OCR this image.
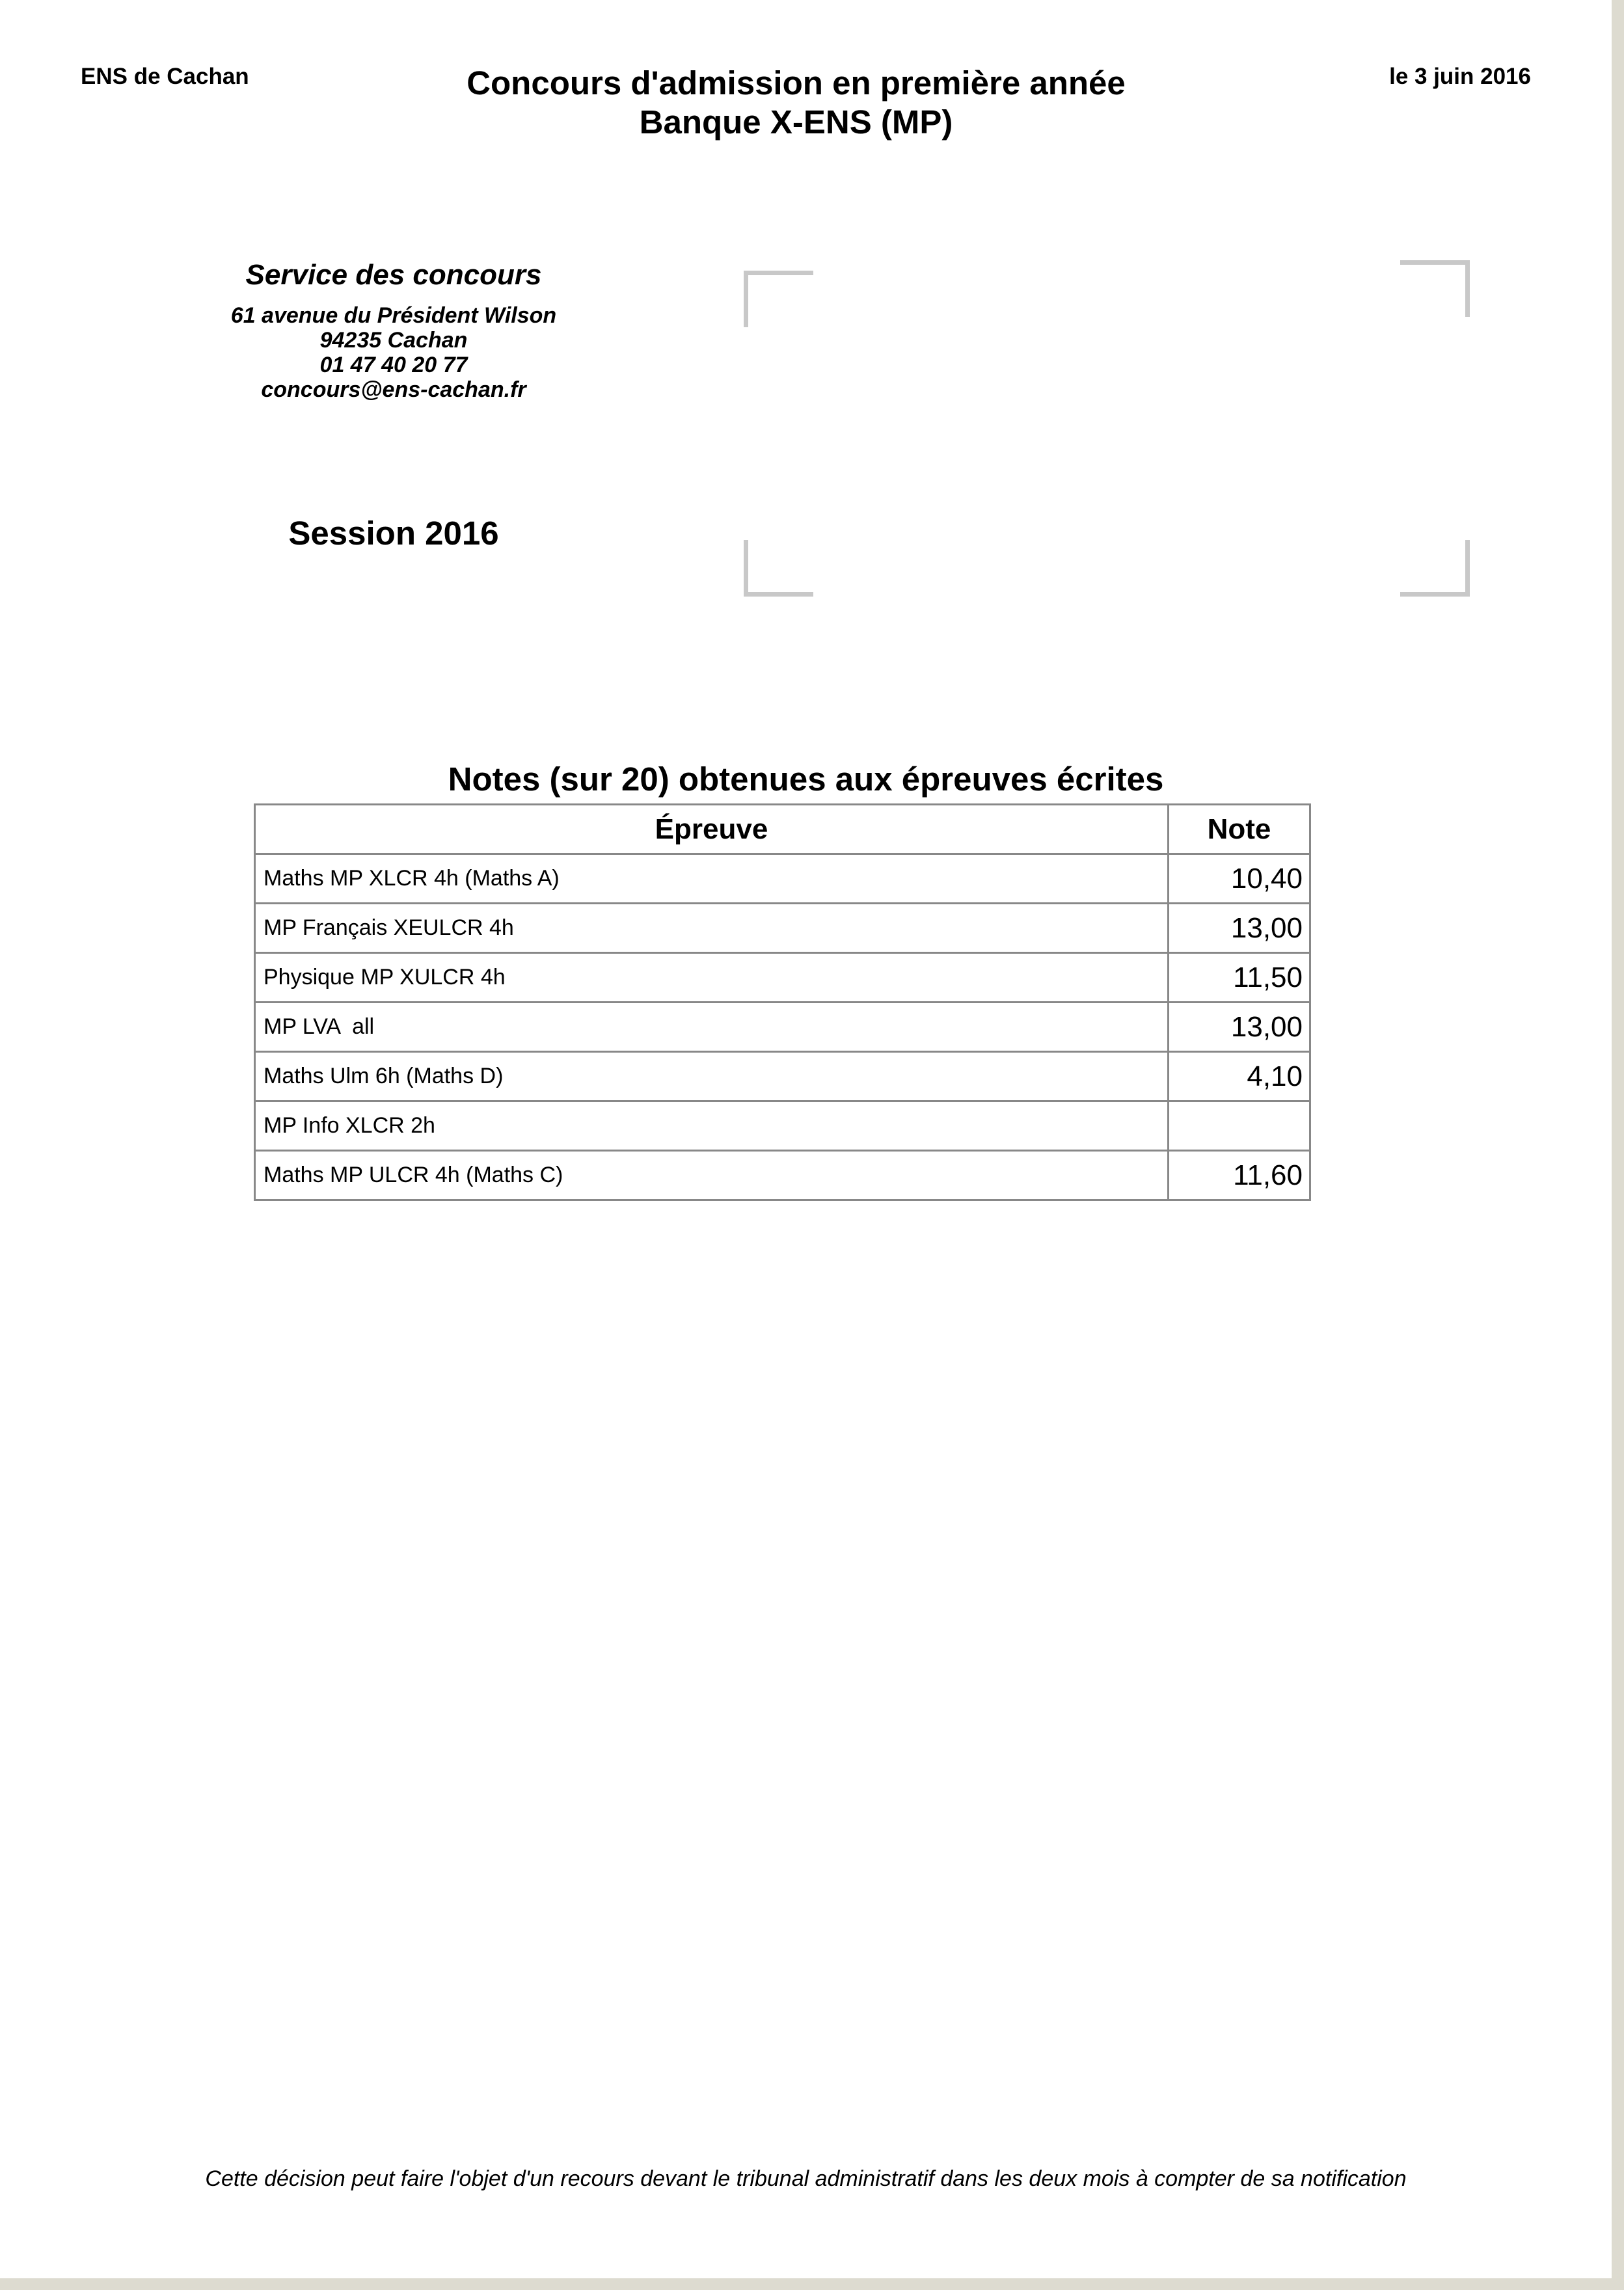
ENS de Cachan	Concours d'admission en première année
Banque X-ENS (MP)
le 3 juin 2016
Service des concours
61 avenue du Président Wilson
94235 Cachan
01 47 40 20 77
concours@ens-cachan.fr
Session 2016
Notes (sur 20) obtenues aux épreuves écrites
Épreuve	Note
Maths MP XLCR 4h (Maths A)	10,40
MP Français XEULCR 4h	13,00
Physique MP XULCR 4h	11,50
MP LVA  all	13,00
Maths Ulm 6h (Maths D)	4,10
MP Info XLCR 2h	
Maths MP ULCR 4h (Maths C)	11,60
Cette décision peut faire l'objet d'un recours devant le tribunal administratif dans les deux mois à compter de sa notification
